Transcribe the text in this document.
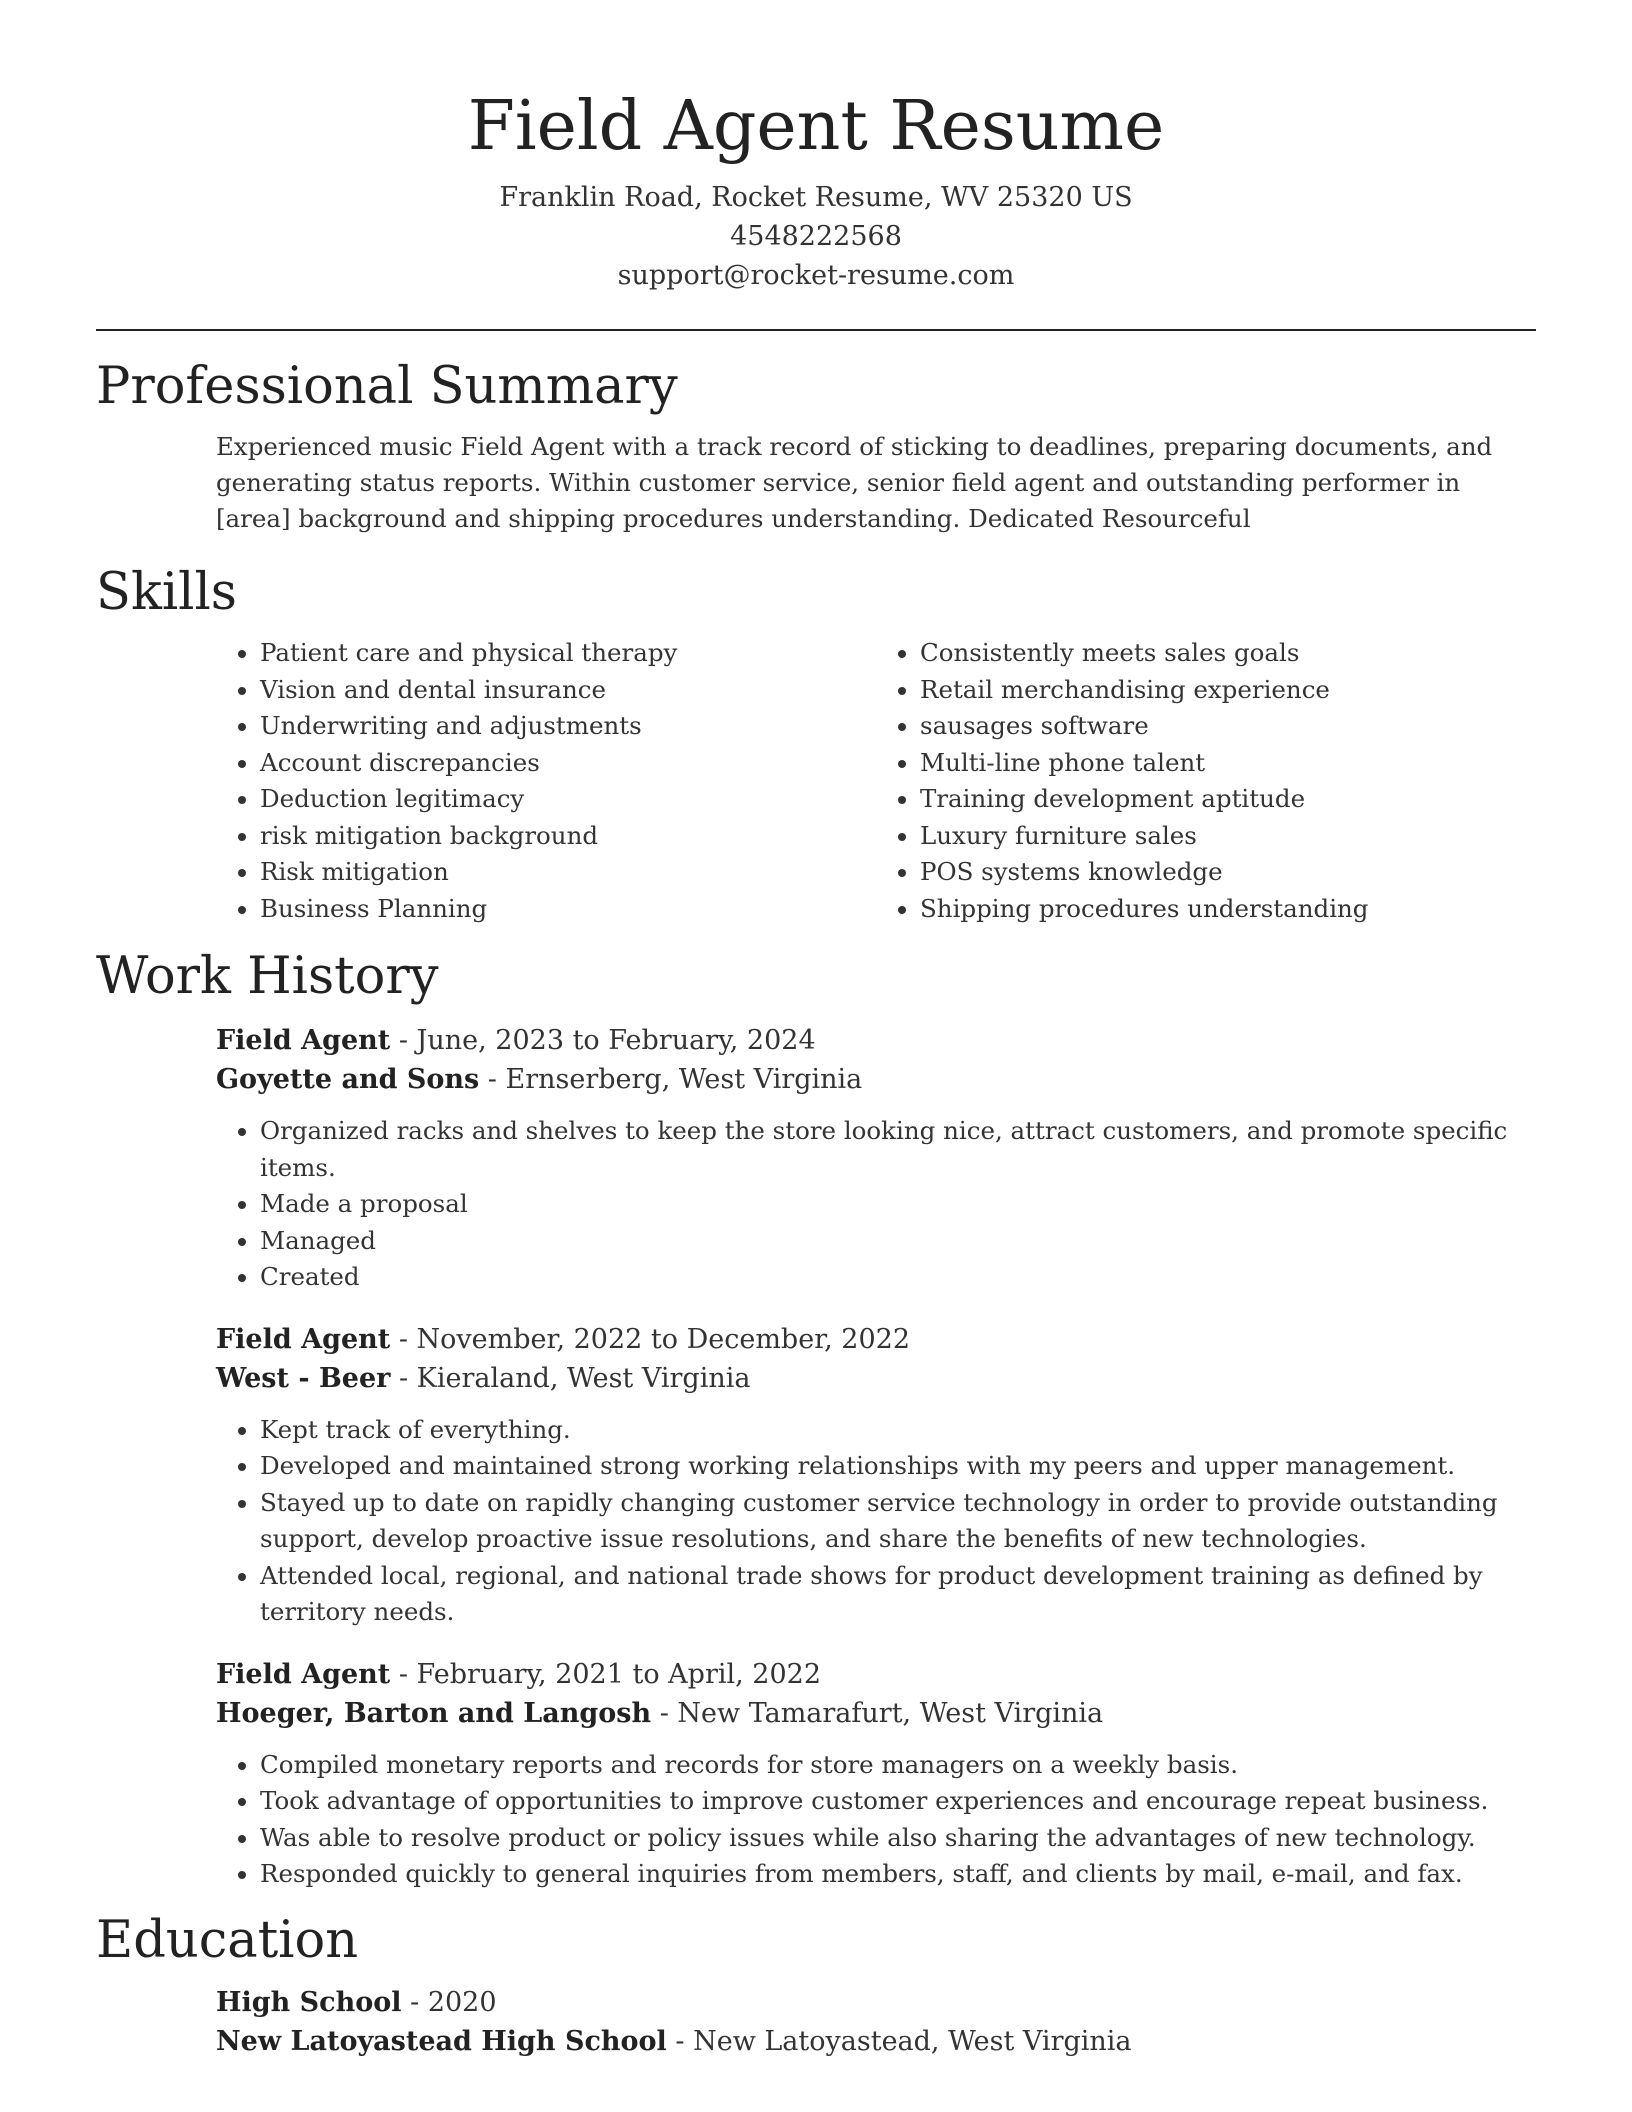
Field Agent Resume
Franklin Road, Rocket Resume, WV 25320 US
4548222568
support@rocket-resume.com
Professional Summary
Experienced music Field Agent with a track record of sticking to deadlines, preparing documents, and generating status reports. Within customer service, senior field agent and outstanding performer in [area] background and shipping procedures understanding. Dedicated Resourceful
Skills
• Patient care and physical therapy
• Vision and dental insurance
• Underwriting and adjustments
• Account discrepancies
• Deduction legitimacy
• risk mitigation background
• Risk mitigation
• Business Planning
• Consistently meets sales goals
• Retail merchandising experience
• sausages software
• Multi-line phone talent
• Training development aptitude
• Luxury furniture sales
• POS systems knowledge
• Shipping procedures understanding
Work History
Field Agent - June, 2023 to February, 2024
Goyette and Sons - Ernserberg, West Virginia
• Organized racks and shelves to keep the store looking nice, attract customers, and promote specific items.
• Made a proposal
• Managed
• Created
Field Agent - November, 2022 to December, 2022
West - Beer - Kieraland, West Virginia
• Kept track of everything.
• Developed and maintained strong working relationships with my peers and upper management.
• Stayed up to date on rapidly changing customer service technology in order to provide outstanding support, develop proactive issue resolutions, and share the benefits of new technologies.
• Attended local, regional, and national trade shows for product development training as defined by territory needs.
Field Agent - February, 2021 to April, 2022
Hoeger, Barton and Langosh - New Tamarafurt, West Virginia
• Compiled monetary reports and records for store managers on a weekly basis.
• Took advantage of opportunities to improve customer experiences and encourage repeat business.
• Was able to resolve product or policy issues while also sharing the advantages of new technology.
• Responded quickly to general inquiries from members, staff, and clients by mail, e-mail, and fax.
Education
High School - 2020
New Latoyastead High School - New Latoyastead, West Virginia
